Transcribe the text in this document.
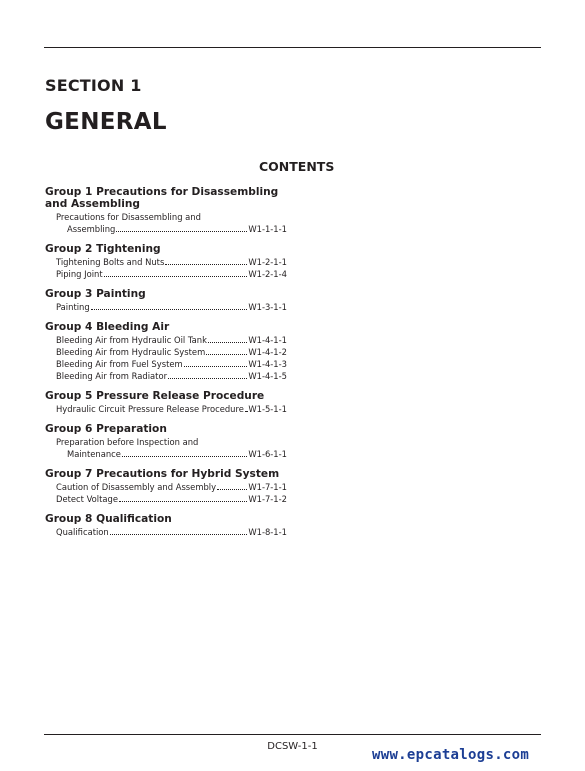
SECTION 1
GENERAL
CONTENTS
Group 1 Precautions for Disassembling and Assembling
Precautions for Disassembling and
Assembling	W1-1-1-1
Group 2 Tightening
Tightening Bolts and Nuts	W1-2-1-1
Piping Joint	W1-2-1-4
Group 3 Painting
Painting	W1-3-1-1
Group 4 Bleeding Air
Bleeding Air from Hydraulic Oil Tank	W1-4-1-1
Bleeding Air from Hydraulic System	W1-4-1-2
Bleeding Air from Fuel System	W1-4-1-3
Bleeding Air from Radiator	W1-4-1-5
Group 5 Pressure Release Procedure
Hydraulic Circuit Pressure Release Procedure W1-5-1-1
Group 6 Preparation
Preparation before Inspection and
Maintenance	W1-6-1-1
Group 7 Precautions for Hybrid System
Caution of Disassembly and Assembly	W1-7-1-1
Detect Voltage	W1-7-1-2
Group 8 Qualification
Qualification	W1-8-1-1
DCSW-1-1
www.epcatalogs.com
